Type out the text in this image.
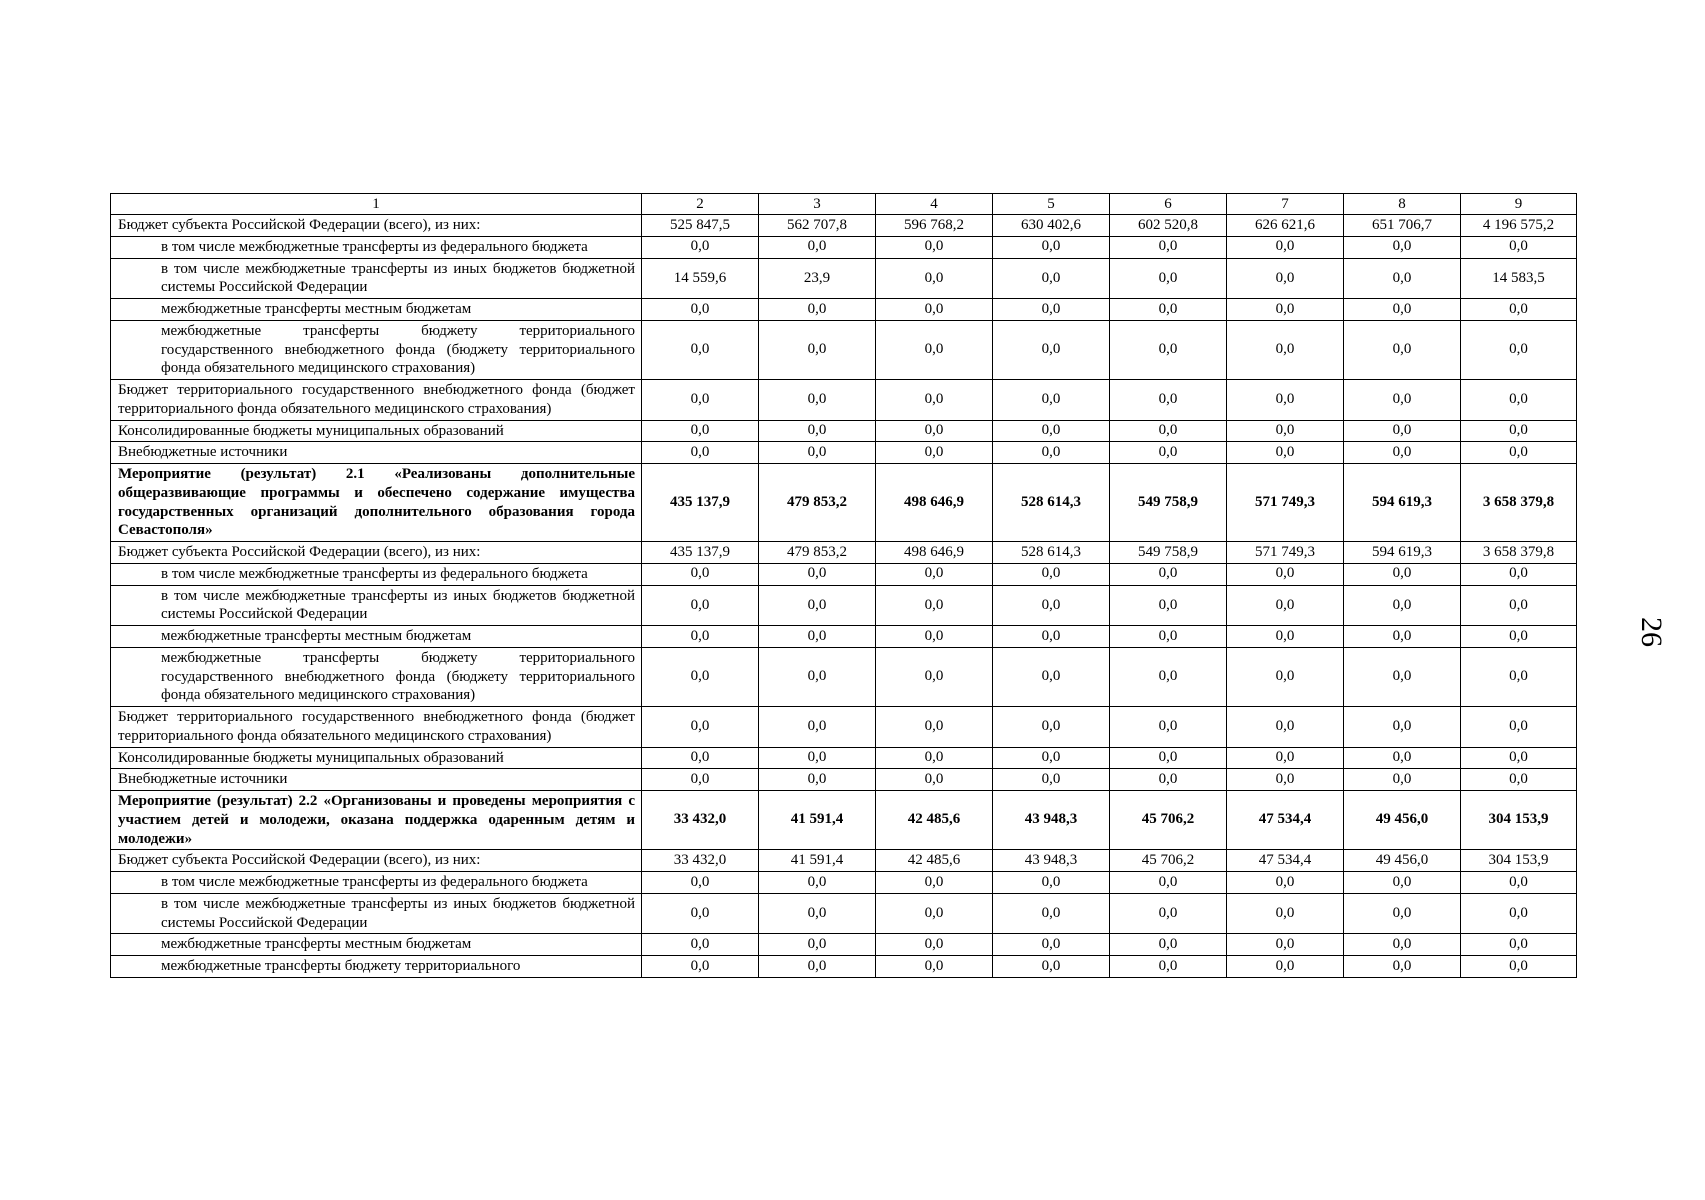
1	2	3	4	5	6	7	8	9
Бюджет субъекта Российской Федерации (всего), из них:	525 847,5	562 707,8	596 768,2	630 402,6	602 520,8	626 621,6	651 706,7	4 196 575,2
в том числе межбюджетные трансферты из федерального бюджета	0,0	0,0	0,0	0,0	0,0	0,0	0,0	0,0
в том числе межбюджетные трансферты из иных бюджетов бюджетной системы Российской Федерации	14 559,6	23,9	0,0	0,0	0,0	0,0	0,0	14 583,5
межбюджетные трансферты местным бюджетам	0,0	0,0	0,0	0,0	0,0	0,0	0,0	0,0
межбюджетные трансферты бюджету территориального государственного внебюджетного фонда (бюджету территориального фонда обязательного медицинского страхования)	0,0	0,0	0,0	0,0	0,0	0,0	0,0	0,0
Бюджет территориального государственного внебюджетного фонда (бюджет территориального фонда обязательного медицинского страхования)	0,0	0,0	0,0	0,0	0,0	0,0	0,0	0,0
Консолидированные бюджеты муниципальных образований	0,0	0,0	0,0	0,0	0,0	0,0	0,0	0,0
Внебюджетные источники	0,0	0,0	0,0	0,0	0,0	0,0	0,0	0,0
Мероприятие (результат) 2.1 «Реализованы дополнительные общеразвивающие программы и обеспечено содержание имущества государственных организаций дополнительного образования города Севастополя»	435 137,9	479 853,2	498 646,9	528 614,3	549 758,9	571 749,3	594 619,3	3 658 379,8
Бюджет субъекта Российской Федерации (всего), из них:	435 137,9	479 853,2	498 646,9	528 614,3	549 758,9	571 749,3	594 619,3	3 658 379,8
в том числе межбюджетные трансферты из федерального бюджета	0,0	0,0	0,0	0,0	0,0	0,0	0,0	0,0
в том числе межбюджетные трансферты из иных бюджетов бюджетной системы Российской Федерации	0,0	0,0	0,0	0,0	0,0	0,0	0,0	0,0
межбюджетные трансферты местным бюджетам	0,0	0,0	0,0	0,0	0,0	0,0	0,0	0,0
межбюджетные трансферты бюджету территориального государственного внебюджетного фонда (бюджету территориального фонда обязательного медицинского страхования)	0,0	0,0	0,0	0,0	0,0	0,0	0,0	0,0
Бюджет территориального государственного внебюджетного фонда (бюджет территориального фонда обязательного медицинского страхования)	0,0	0,0	0,0	0,0	0,0	0,0	0,0	0,0
Консолидированные бюджеты муниципальных образований	0,0	0,0	0,0	0,0	0,0	0,0	0,0	0,0
Внебюджетные источники	0,0	0,0	0,0	0,0	0,0	0,0	0,0	0,0
Мероприятие (результат) 2.2 «Организованы и проведены мероприятия с участием детей и молодежи, оказана поддержка одаренным детям и молодежи»	33 432,0	41 591,4	42 485,6	43 948,3	45 706,2	47 534,4	49 456,0	304 153,9
Бюджет субъекта Российской Федерации (всего), из них:	33 432,0	41 591,4	42 485,6	43 948,3	45 706,2	47 534,4	49 456,0	304 153,9
в том числе межбюджетные трансферты из федерального бюджета	0,0	0,0	0,0	0,0	0,0	0,0	0,0	0,0
в том числе межбюджетные трансферты из иных бюджетов бюджетной системы Российской Федерации	0,0	0,0	0,0	0,0	0,0	0,0	0,0	0,0
межбюджетные трансферты местным бюджетам	0,0	0,0	0,0	0,0	0,0	0,0	0,0	0,0
межбюджетные трансферты бюджету территориального	0,0	0,0	0,0	0,0	0,0	0,0	0,0	0,0
26
